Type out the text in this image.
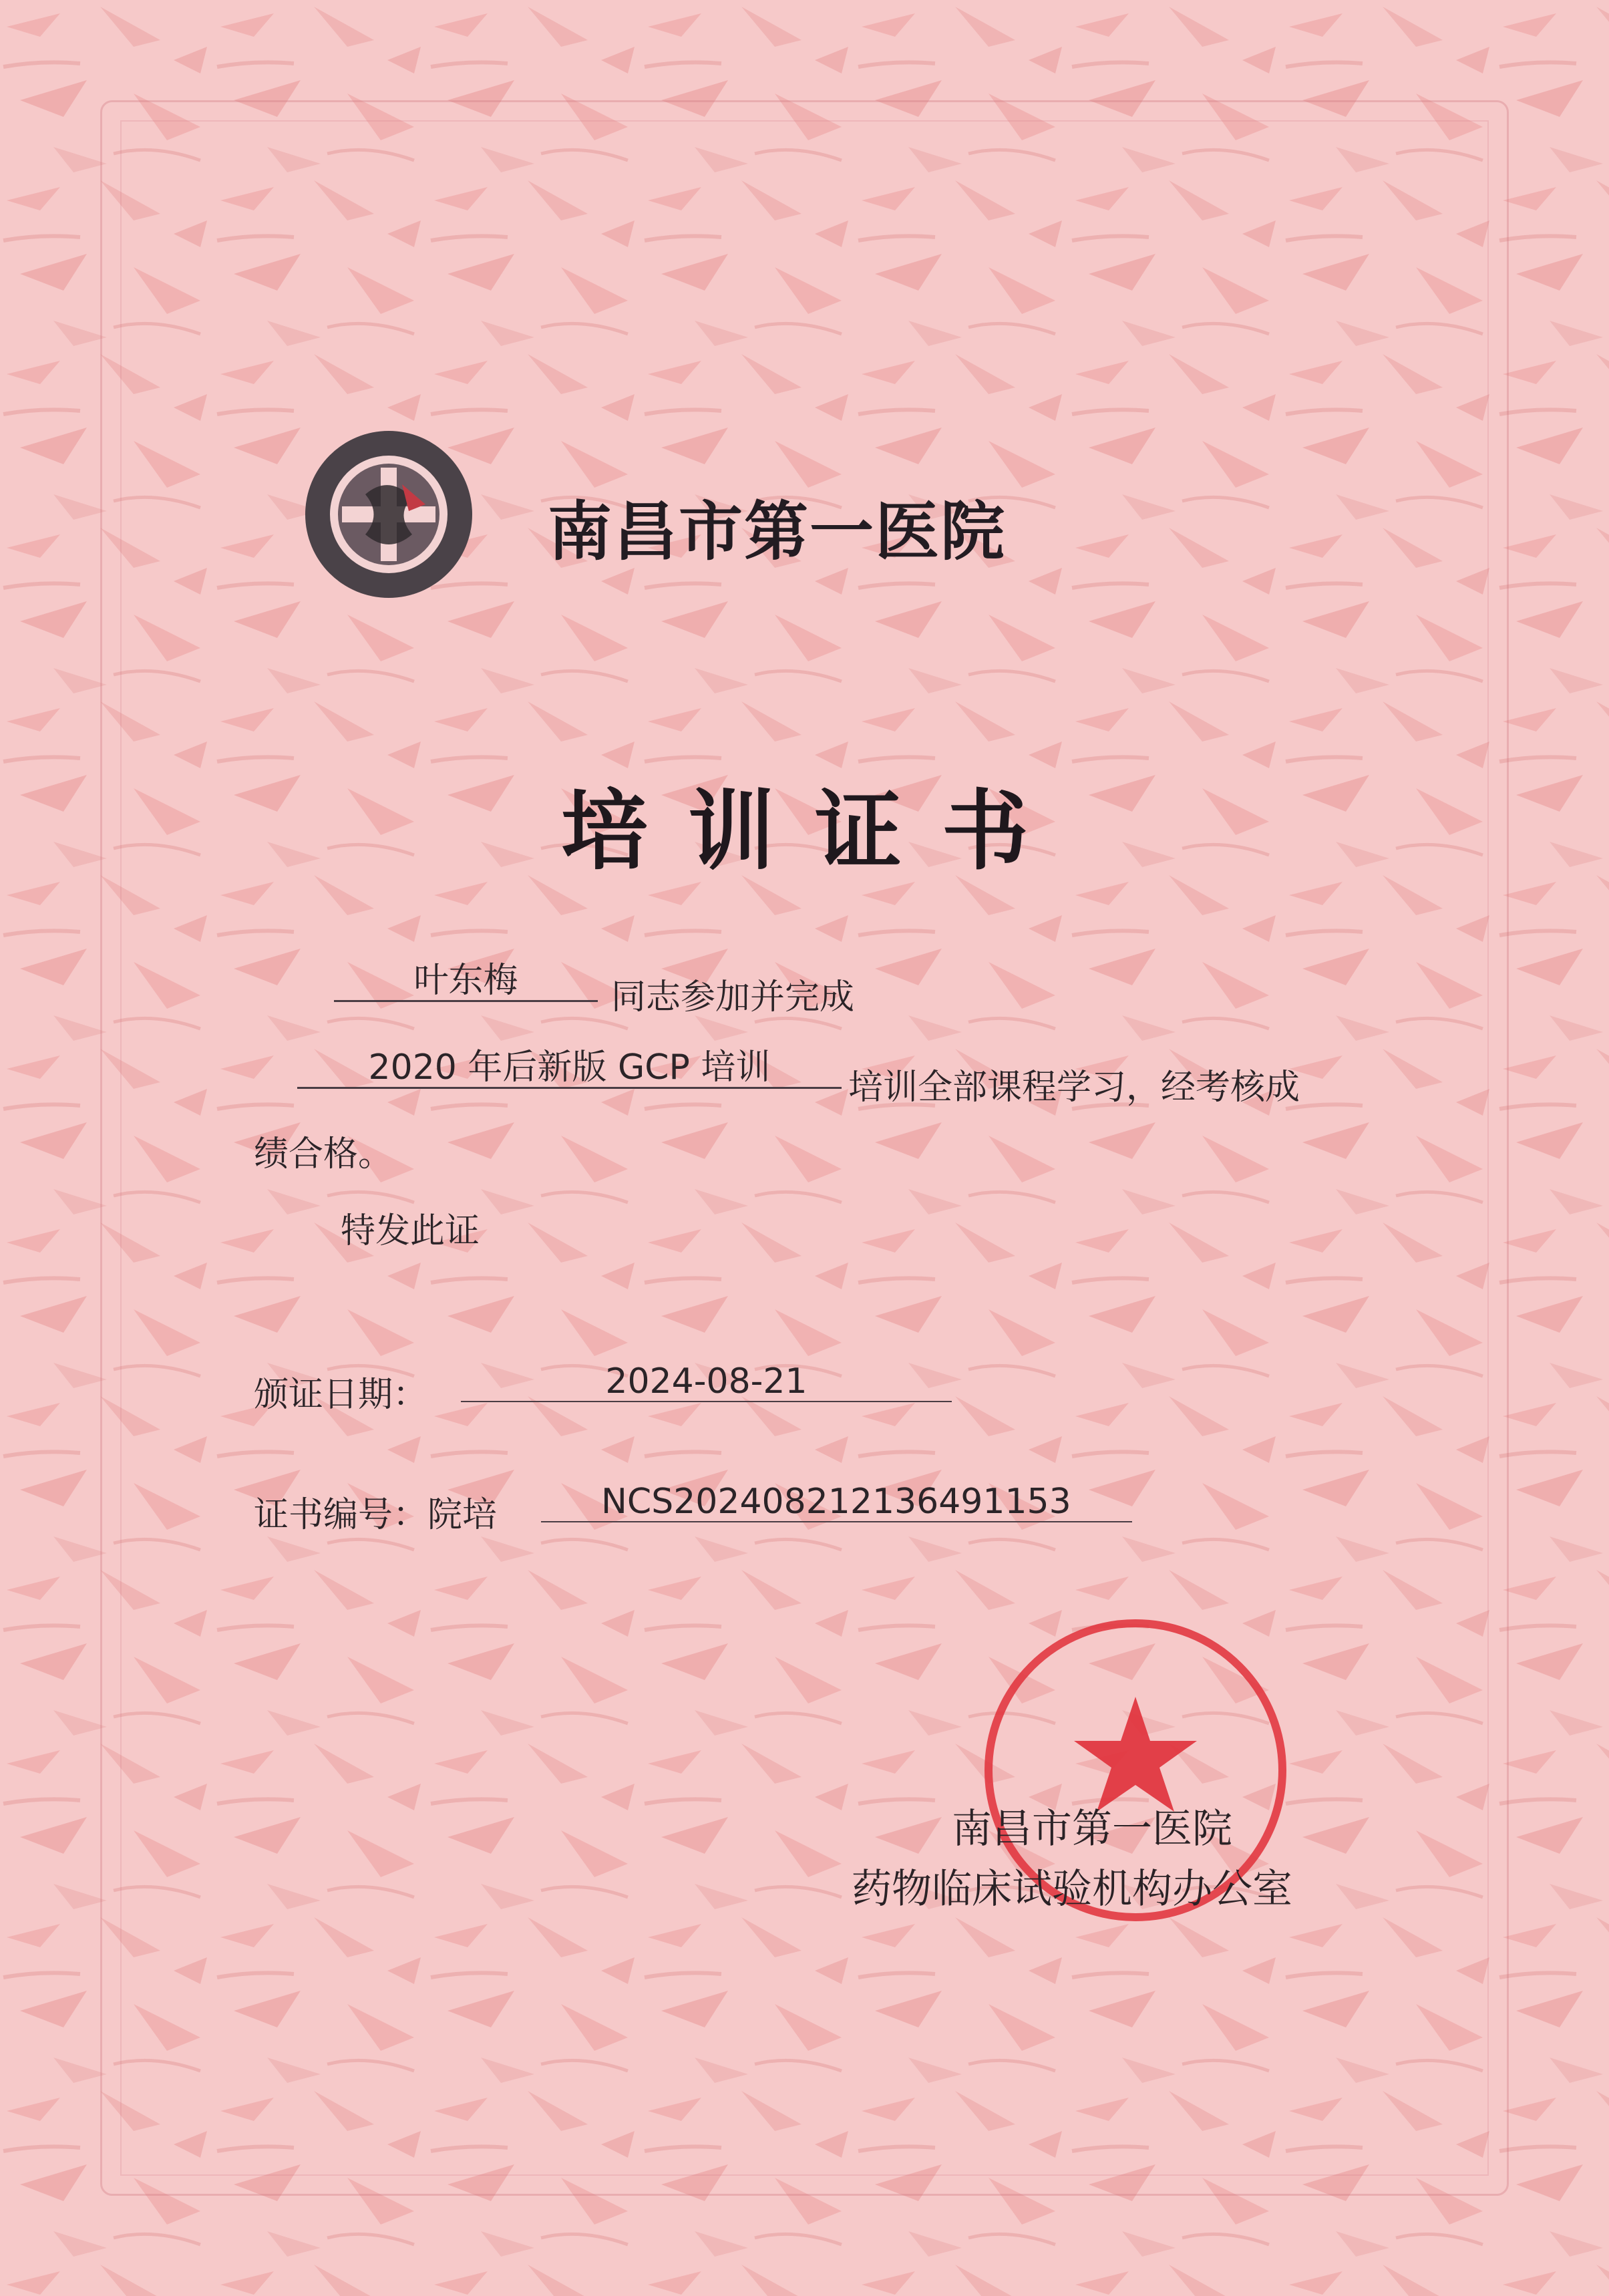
南昌市第一医院
培训证书
叶东梅	同志参加并完成
2020 年后新版 GCP 培训	培训全部课程学习，经考核成
绩合格。
特发此证
颁证日期：	2024-08-21
证书编号：院培	NCS20240821213649115​3
南昌市第一医院
药物临床试验机构办公室
